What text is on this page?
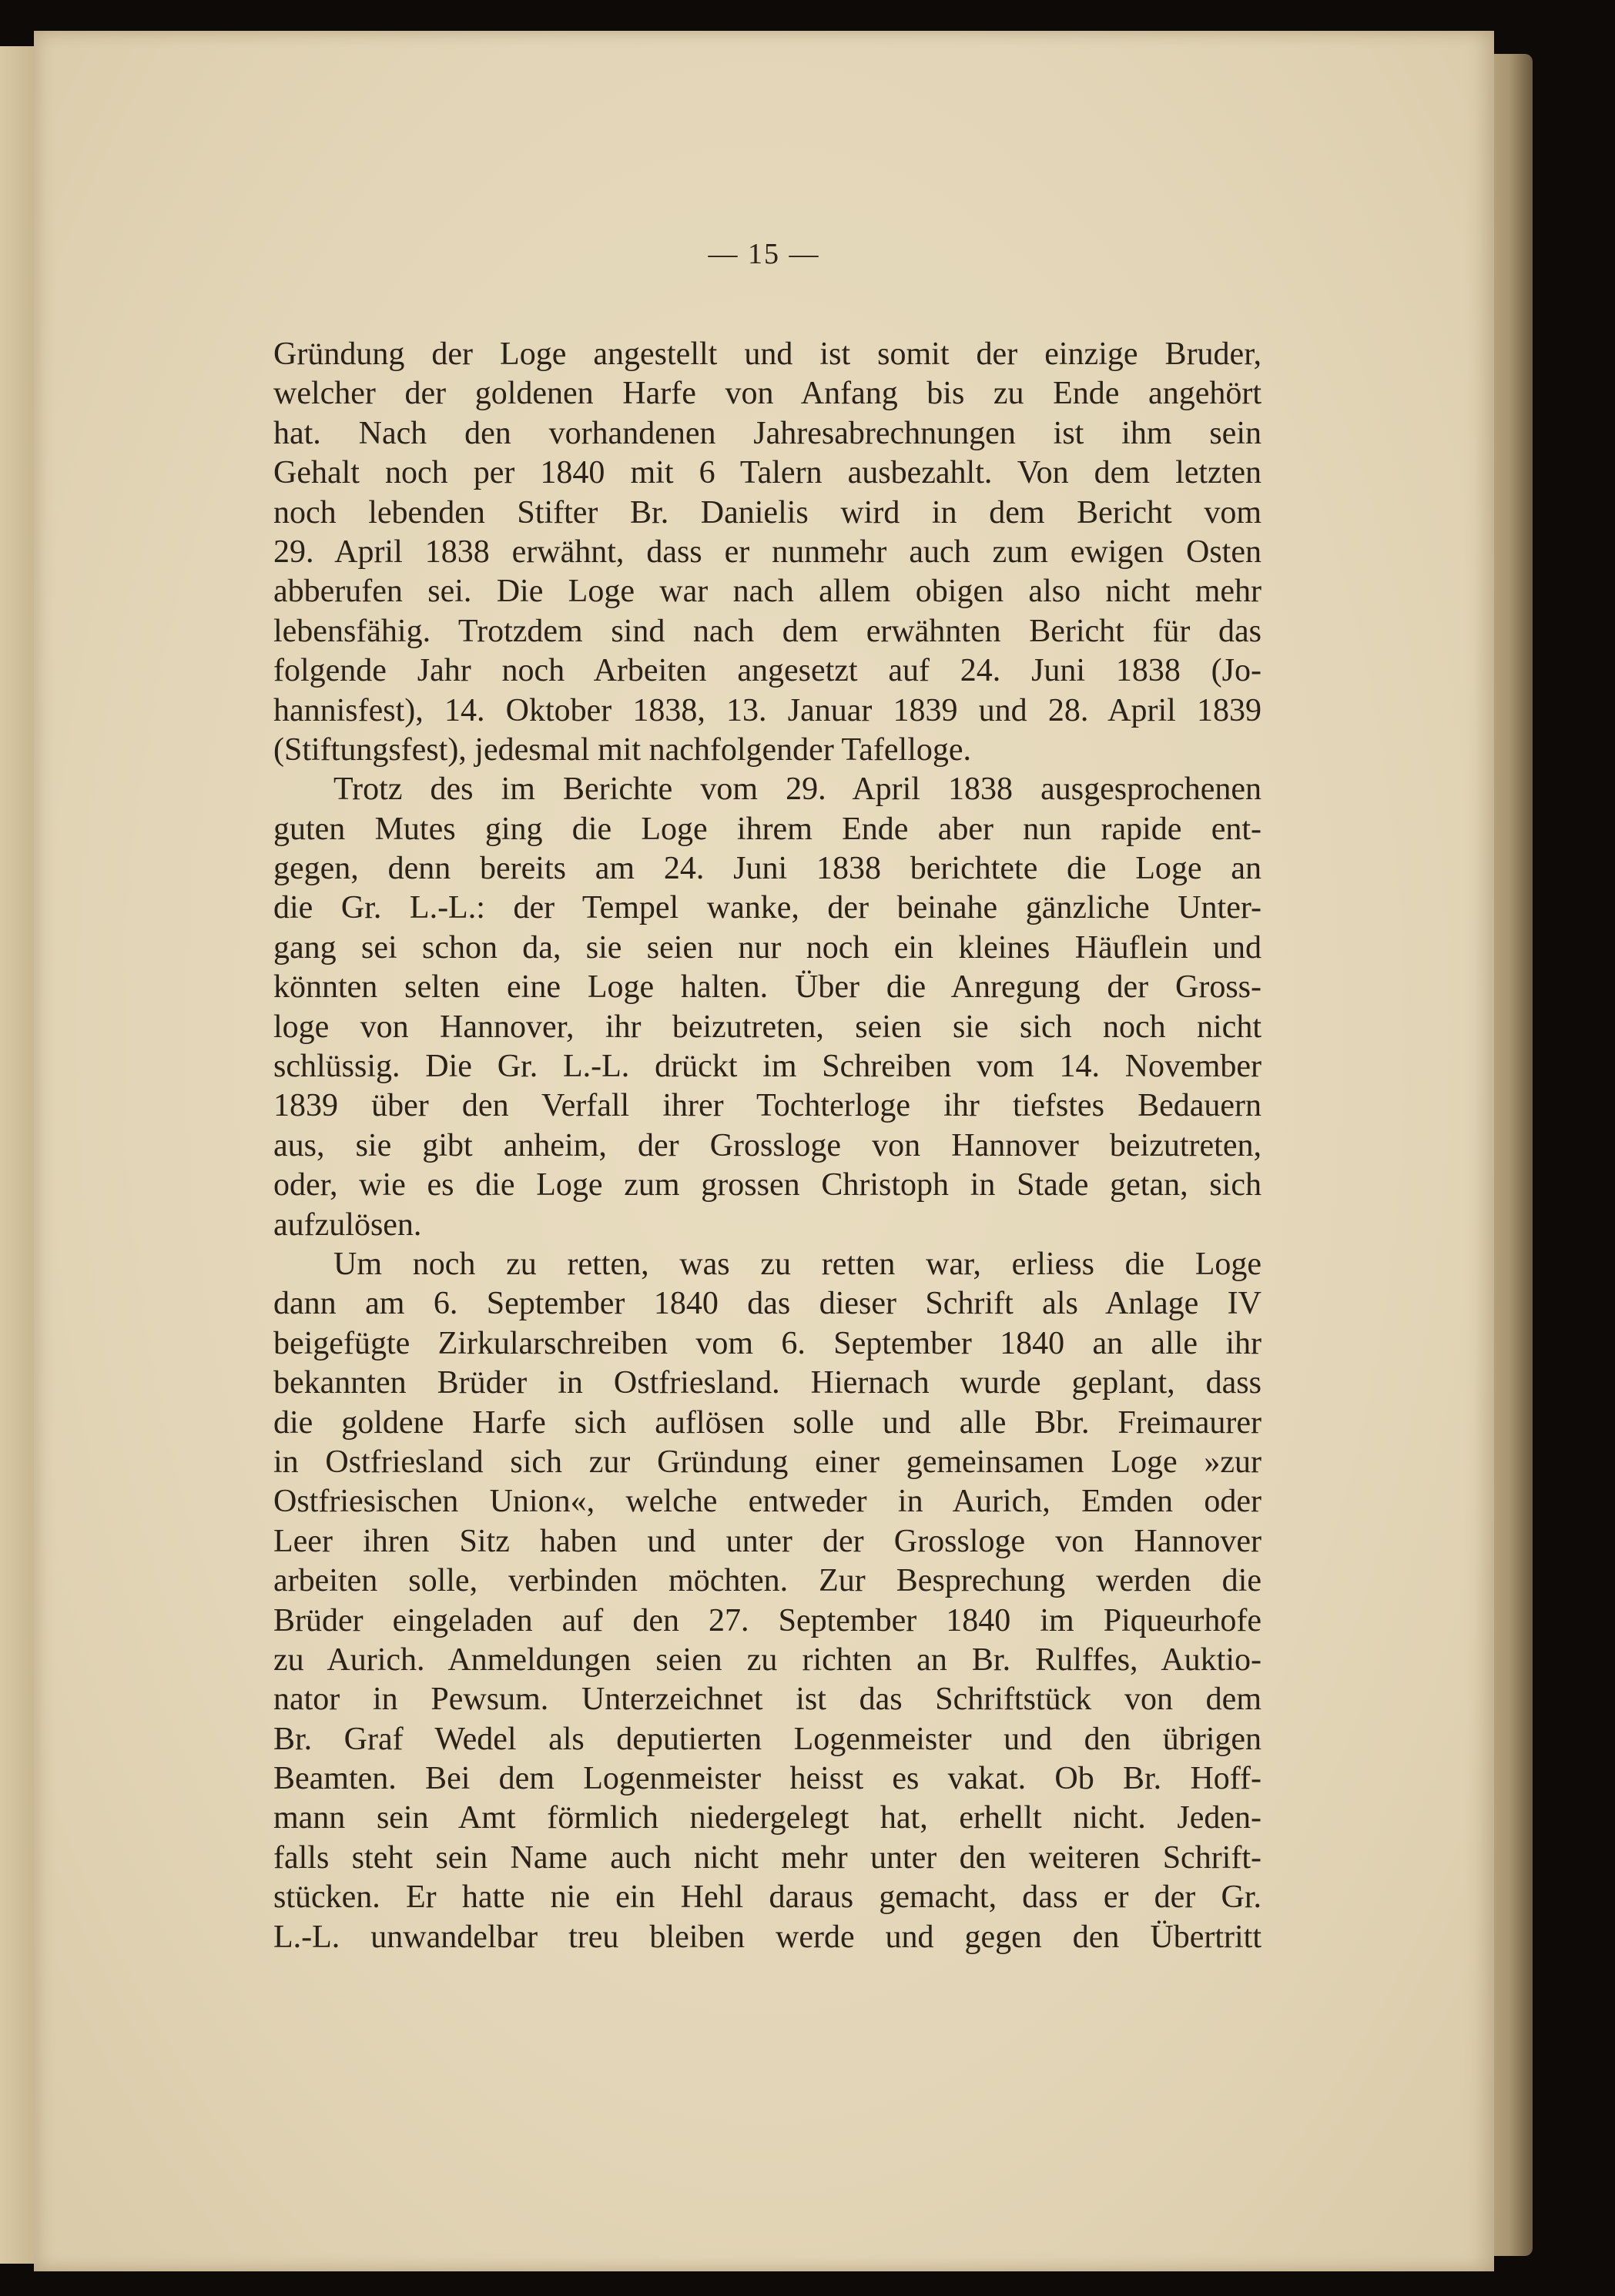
— 15 —
Gründung der Loge angestellt und ist somit der einzige Bruder,
welcher der goldenen Harfe von Anfang bis zu Ende angehört
hat. Nach den vorhandenen Jahresabrechnungen ist ihm sein
Gehalt noch per 1840 mit 6 Talern ausbezahlt. Von dem letzten
noch lebenden Stifter Br. Danielis wird in dem Bericht vom
29. April 1838 erwähnt, dass er nunmehr auch zum ewigen Osten
abberufen sei. Die Loge war nach allem obigen also nicht mehr
lebensfähig. Trotzdem sind nach dem erwähnten Bericht für das
folgende Jahr noch Arbeiten angesetzt auf 24. Juni 1838 (Jo-
hannisfest), 14. Oktober 1838, 13. Januar 1839 und 28. April 1839
(Stiftungsfest), jedesmal mit nachfolgender Tafelloge.
Trotz des im Berichte vom 29. April 1838 ausgesprochenen
guten Mutes ging die Loge ihrem Ende aber nun rapide ent-
gegen, denn bereits am 24. Juni 1838 berichtete die Loge an
die Gr. L.-L.: der Tempel wanke, der beinahe gänzliche Unter-
gang sei schon da, sie seien nur noch ein kleines Häuflein und
könnten selten eine Loge halten. Über die Anregung der Gross-
loge von Hannover, ihr beizutreten, seien sie sich noch nicht
schlüssig. Die Gr. L.-L. drückt im Schreiben vom 14. November
1839 über den Verfall ihrer Tochterloge ihr tiefstes Bedauern
aus, sie gibt anheim, der Grossloge von Hannover beizutreten,
oder, wie es die Loge zum grossen Christoph in Stade getan, sich
aufzulösen.
Um noch zu retten, was zu retten war, erliess die Loge
dann am 6. September 1840 das dieser Schrift als Anlage IV
beigefügte Zirkularschreiben vom 6. September 1840 an alle ihr
bekannten Brüder in Ostfriesland. Hiernach wurde geplant, dass
die goldene Harfe sich auflösen solle und alle Bbr. Freimaurer
in Ostfriesland sich zur Gründung einer gemeinsamen Loge »zur
Ostfriesischen Union«, welche entweder in Aurich, Emden oder
Leer ihren Sitz haben und unter der Grossloge von Hannover
arbeiten solle, verbinden möchten. Zur Besprechung werden die
Brüder eingeladen auf den 27. September 1840 im Piqueurhofe
zu Aurich. Anmeldungen seien zu richten an Br. Rulffes, Auktio-
nator in Pewsum. Unterzeichnet ist das Schriftstück von dem
Br. Graf Wedel als deputierten Logenmeister und den übrigen
Beamten. Bei dem Logenmeister heisst es vakat. Ob Br. Hoff-
mann sein Amt förmlich niedergelegt hat, erhellt nicht. Jeden-
falls steht sein Name auch nicht mehr unter den weiteren Schrift-
stücken. Er hatte nie ein Hehl daraus gemacht, dass er der Gr.
L.-L. unwandelbar treu bleiben werde und gegen den Übertritt
